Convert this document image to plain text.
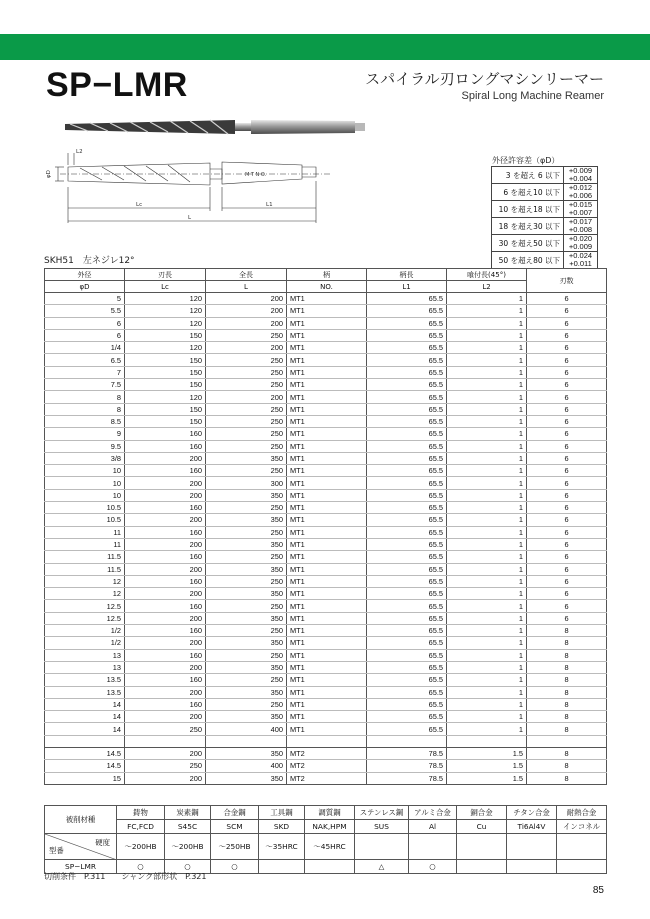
SP−LMR	スパイラル刃ロングマシンリーマー
Spiral Long Machine Reamer
L2
φD
Lc
L
L1
M T N O.
外径許容差（φD）
3 を超え 6 以下	+0.009
+0.004

6 を超え10 以下	+0.012
+0.006

10 を超え18 以下	+0.015
+0.007

18 を超え30 以下	+0.017
+0.008

30 を超え50 以下	+0.020
+0.009

50 を超え80 以下	+0.024
+0.011
SKH51　左ネジレ12°
外径	刃長	全長	柄	柄長	喰付長(45°)	刃数
φD	Lc	L	NO.	L1	L2	
5	120	200	MT1	65.5	1	6
5.5	120	200	MT1	65.5	1	6
6	120	200	MT1	65.5	1	6
6	150	250	MT1	65.5	1	6
1/4	120	200	MT1	65.5	1	6
6.5	150	250	MT1	65.5	1	6
7	150	250	MT1	65.5	1	6
7.5	150	250	MT1	65.5	1	6
8	120	200	MT1	65.5	1	6
8	150	250	MT1	65.5	1	6
8.5	150	250	MT1	65.5	1	6
9	160	250	MT1	65.5	1	6
9.5	160	250	MT1	65.5	1	6
3/8	200	350	MT1	65.5	1	6
10	160	250	MT1	65.5	1	6
10	200	300	MT1	65.5	1	6
10	200	350	MT1	65.5	1	6
10.5	160	250	MT1	65.5	1	6
10.5	200	350	MT1	65.5	1	6
11	160	250	MT1	65.5	1	6
11	200	350	MT1	65.5	1	6
11.5	160	250	MT1	65.5	1	6
11.5	200	350	MT1	65.5	1	6
12	160	250	MT1	65.5	1	6
12	200	350	MT1	65.5	1	6
12.5	160	250	MT1	65.5	1	6
12.5	200	350	MT1	65.5	1	6
1/2	160	250	MT1	65.5	1	8
1/2	200	350	MT1	65.5	1	8
13	160	250	MT1	65.5	1	8
13	200	350	MT1	65.5	1	8
13.5	160	250	MT1	65.5	1	8
13.5	200	350	MT1	65.5	1	8
14	160	250	MT1	65.5	1	8
14	200	350	MT1	65.5	1	8
14	250	400	MT1	65.5	1	8

14.5	200	350	MT2	78.5	1.5	8
14.5	250	400	MT2	78.5	1.5	8
15	200	350	MT2	78.5	1.5	8
被削材種	鋳物	炭素鋼	合金鋼	工具鋼	調質鋼	ステンレス鋼	アルミ合金	銅合金	チタン合金	耐熱合金
	FC,FCD	S45C	SCM	SKD	NAK,HPM	SUS	Al	Cu	Ti6Al4V	インコネル

硬度
型番	～200HB	～200HB	～250HB	～35HRC	～45HRC					
SP−LMR	○	○	○			△	○			
切削条件　P.311　　シャンク部形状　P.321
85
